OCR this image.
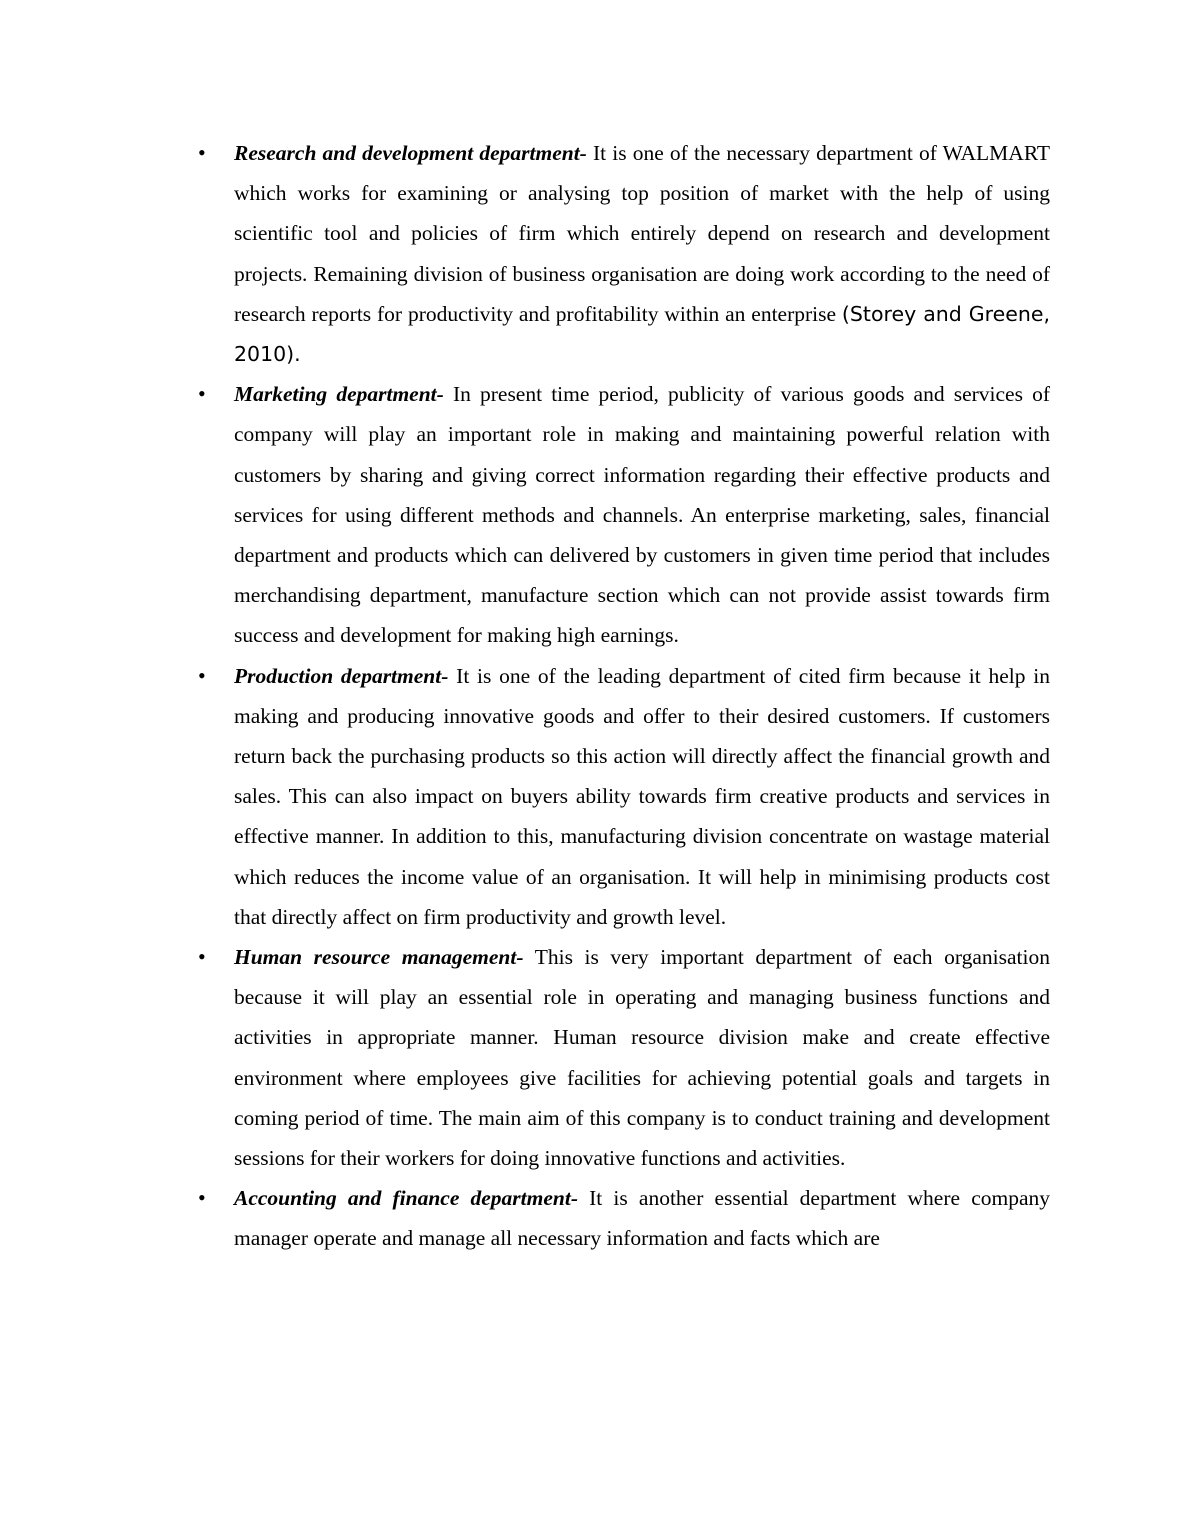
• Research and development department- It is one of the necessary department of WALMART which works for examining or analysing top position of market with the help of using scientific tool and policies of firm which entirely depend on research and development projects. Remaining division of business organisation are doing work according to the need of research reports for productivity and profitability within an enterprise (Storey and Greene, 2010).
• Marketing department- In present time period, publicity of various goods and services of company will play an important role in making and maintaining powerful relation with customers by sharing and giving correct information regarding their effective products and services for using different methods and channels. An enterprise marketing, sales, financial department and products which can delivered by customers in given time period that includes merchandising department, manufacture section which can not provide assist towards firm success and development for making high earnings.
• Production department- It is one of the leading department of cited firm because it help in making and producing innovative goods and offer to their desired customers. If customers return back the purchasing products so this action will directly affect the financial growth and sales. This can also impact on buyers ability towards firm creative products and services in effective manner. In addition to this, manufacturing division concentrate on wastage material which reduces the income value of an organisation. It will help in minimising products cost that directly affect on firm productivity and growth level.
• Human resource management- This is very important department of each organisation because it will play an essential role in operating and managing business functions and activities in appropriate manner. Human resource division make and create effective environment where employees give facilities for achieving potential goals and targets in coming period of time. The main aim of this company is to conduct training and development sessions for their workers for doing innovative functions and activities.
• Accounting and finance department- It is another essential department where company manager operate and manage all necessary information and facts which are
